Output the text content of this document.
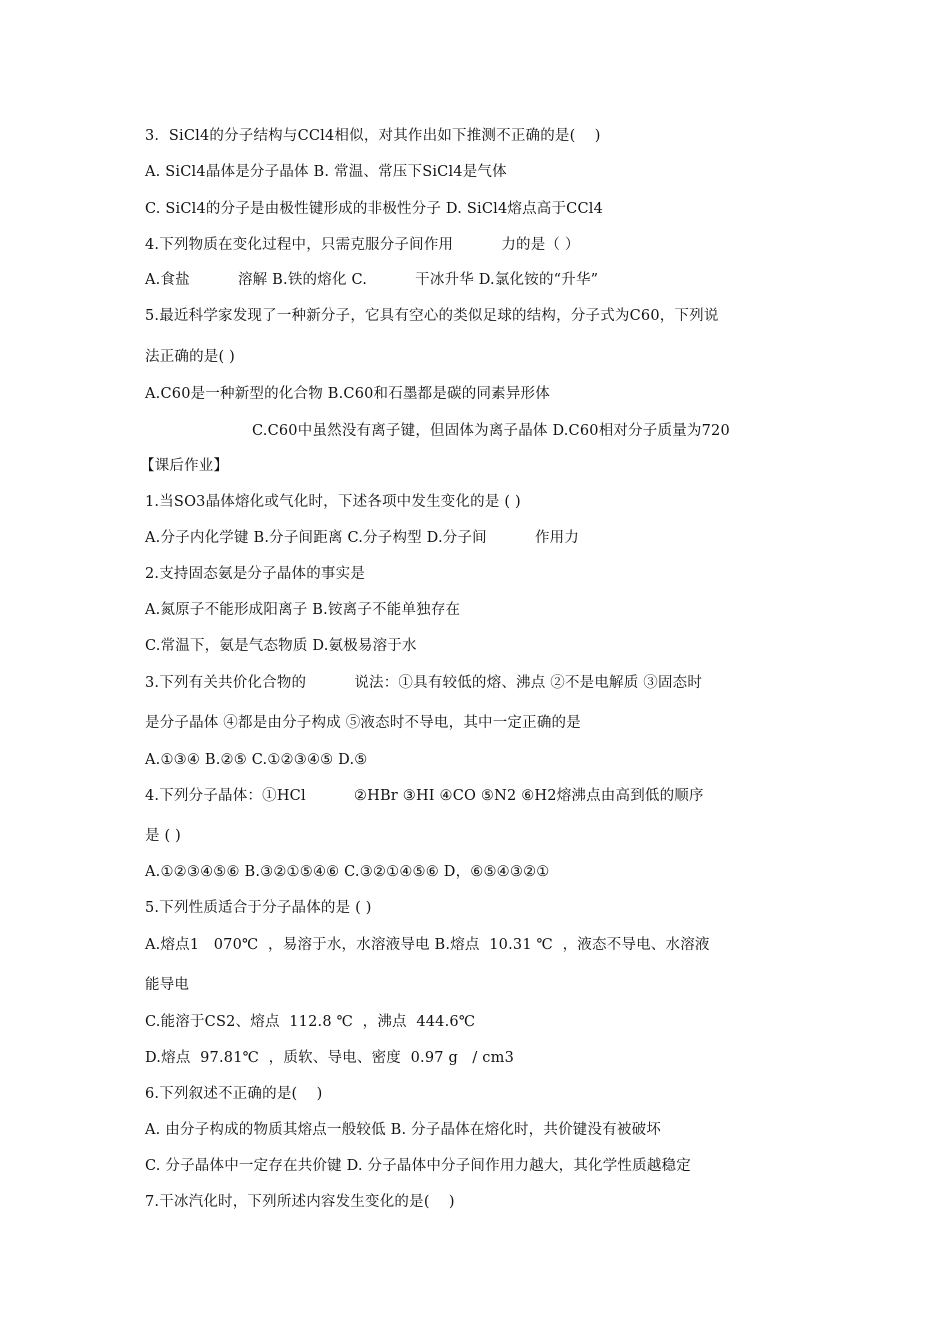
3.  SiCl4的分子结构与CCl4相似，对其作出如下推测不正确的是(    )
A. SiCl4晶体是分子晶体 B. 常温、常压下SiCl4是气体
C. SiCl4的分子是由极性键形成的非极性分子 D. SiCl4熔点高于CCl4
4.下列物质在变化过程中，只需克服分子间作用          力的是（ ）
A.食盐          溶解 B.铁的熔化 C.          干冰升华 D.氯化铵的“升华”
5.最近科学家发现了一种新分子，它具有空心的类似足球的结构，分子式为C60，下列说
法正确的是( )
A.C60是一种新型的化合物 B.C60和石墨都是碳的同素异形体
C.C60中虽然没有离子键，但固体为离子晶体 D.C60相对分子质量为720
【课后作业】
1.当SO3晶体熔化或气化时，下述各项中发生变化的是 ( )
A.分子内化学键 B.分子间距离 C.分子构型 D.分子间          作用力
2.支持固态氨是分子晶体的事实是
A.氮原子不能形成阳离子 B.铵离子不能单独存在
C.常温下，氨是气态物质 D.氨极易溶于水
3.下列有关共价化合物的          说法：①具有较低的熔、沸点 ②不是电解质 ③固态时
是分子晶体 ④都是由分子构成 ⑤液态时不导电，其中一定正确的是
A.①③④ B.②⑤ C.①②③④⑤ D.⑤
4.下列分子晶体：①HCl          ②HBr ③HI ④CO ⑤N2 ⑥H2熔沸点由高到低的顺序
是 ( )
A.①②③④⑤⑥ B.③②①⑤④⑥ C.③②①④⑤⑥ D，⑥⑤④③②①
5.下列性质适合于分子晶体的是 ( )
A.熔点1   070℃  ，易溶于水，水溶液导电 B.熔点  10.31 ℃  ，液态不导电、水溶液
能导电
C.能溶于CS2、熔点  112.8 ℃  ，沸点  444.6℃
D.熔点  97.81℃  ，质软、导电、密度  0.97 g   / cm3
6.下列叙述不正确的是(    )
A. 由分子构成的物质其熔点一般较低 B. 分子晶体在熔化时，共价键没有被破坏
C. 分子晶体中一定存在共价键 D. 分子晶体中分子间作用力越大，其化学性质越稳定
7.干冰汽化时，下列所述内容发生变化的是(    )
